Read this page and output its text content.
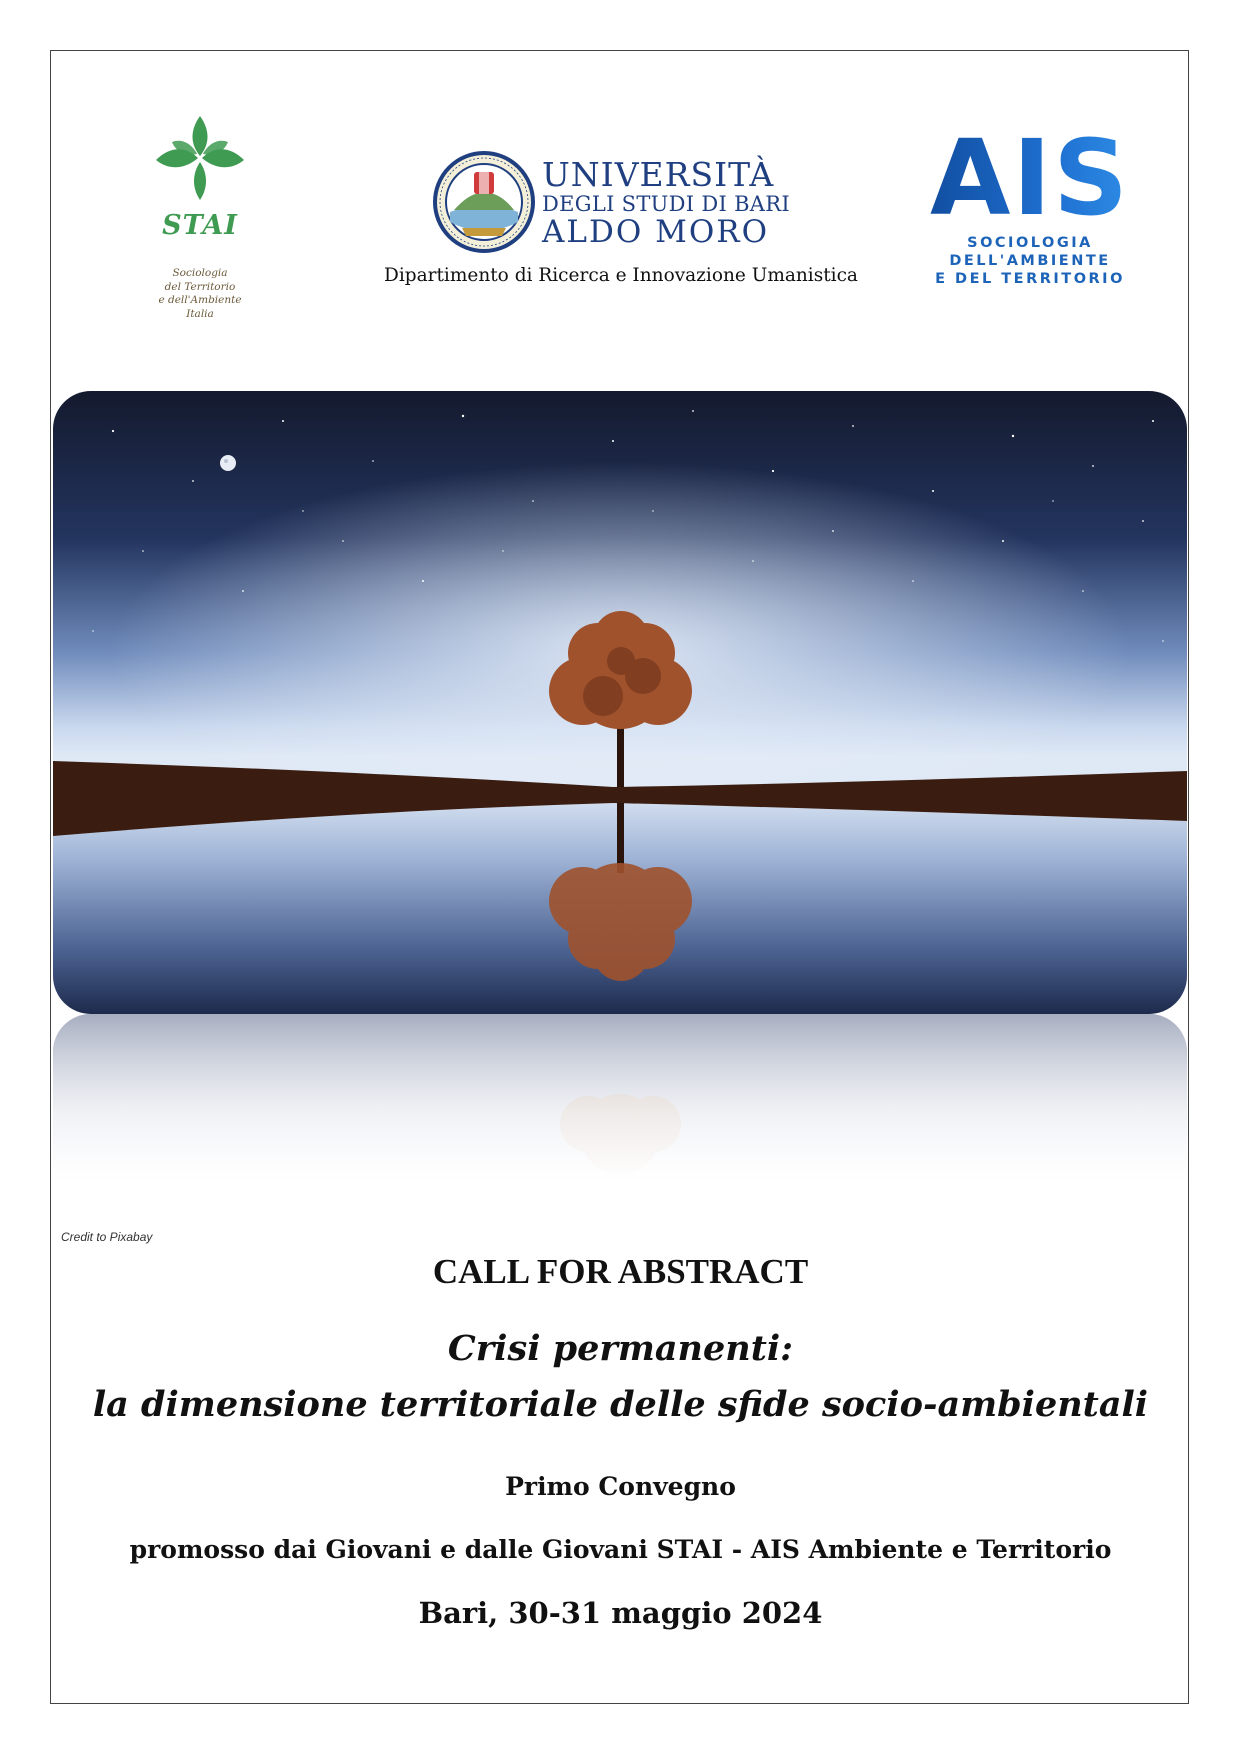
STAI
Sociologia
del Territorio
e dell'Ambiente
Italia
UNIVERSITÀ
DEGLI STUDI DI BARI
ALDO MORO
Dipartimento di Ricerca e Innovazione Umanistica
AIS
SOCIOLOGIA
DELL'AMBIENTE
E DEL TERRITORIO
Credit to Pixabay
CALL FOR ABSTRACT
Crisi permanenti:
la dimensione territoriale delle sfide socio-ambientali
Primo Convegno
promosso dai Giovani e dalle Giovani STAI - AIS Ambiente e Territorio
Bari, 30-31 maggio 2024
